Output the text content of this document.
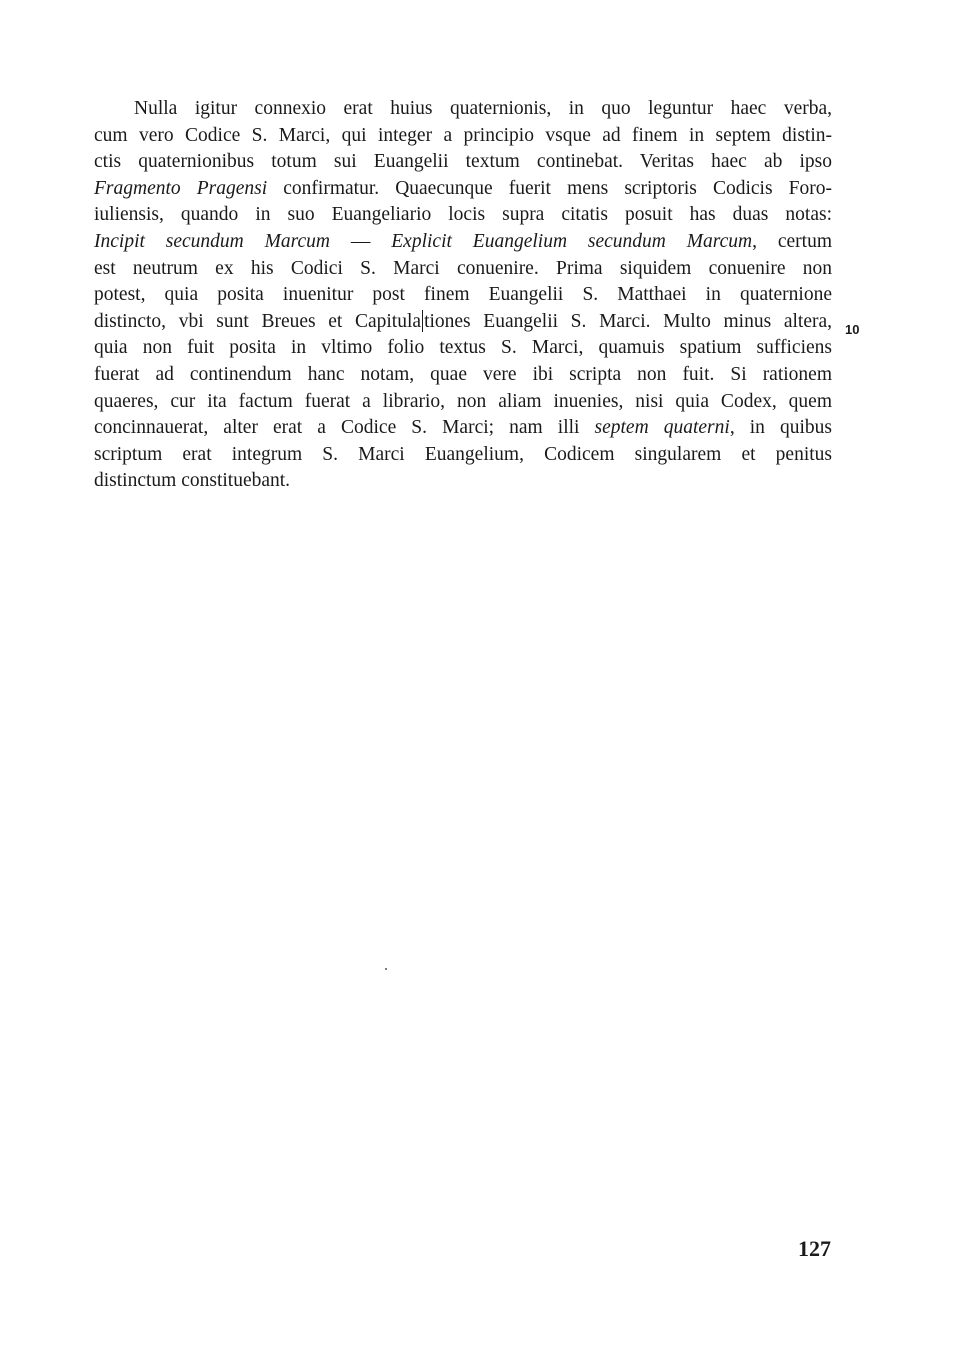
Nulla igitur connexio erat huius quaternionis, in quo leguntur haec verba,
cum vero Codice S. Marci, qui integer a principio vsque ad finem in septem distin-
ctis quaternionibus totum sui Euangelii textum continebat. Veritas haec ab ipso
Fragmento Pragensi confirmatur. Quaecunque fuerit mens scriptoris Codicis Foro-
iuliensis, quando in suo Euangeliario locis supra citatis posuit has duas notas:
Incipit secundum Marcum — Explicit Euangelium secundum Marcum, certum
est neutrum ex his Codici S. Marci conuenire. Prima siquidem conuenire non
potest, quia posita inuenitur post finem Euangelii S. Matthaei in quaternione
distincto, vbi sunt Breues et Capitula tiones Euangelii S. Marci. Multo minus altera,
quia non fuit posita in vltimo folio textus S. Marci, quamuis spatium sufficiens
fuerat ad continendum hanc notam, quae vere ibi scripta non fuit. Si rationem
quaeres, cur ita factum fuerat a librario, non aliam inuenies, nisi quia Codex, quem
concinnauerat, alter erat a Codice S. Marci; nam illi septem quaterni, in quibus
scriptum erat integrum S. Marci Euangelium, Codicem singularem et penitus
distinctum constituebant.
10
127
